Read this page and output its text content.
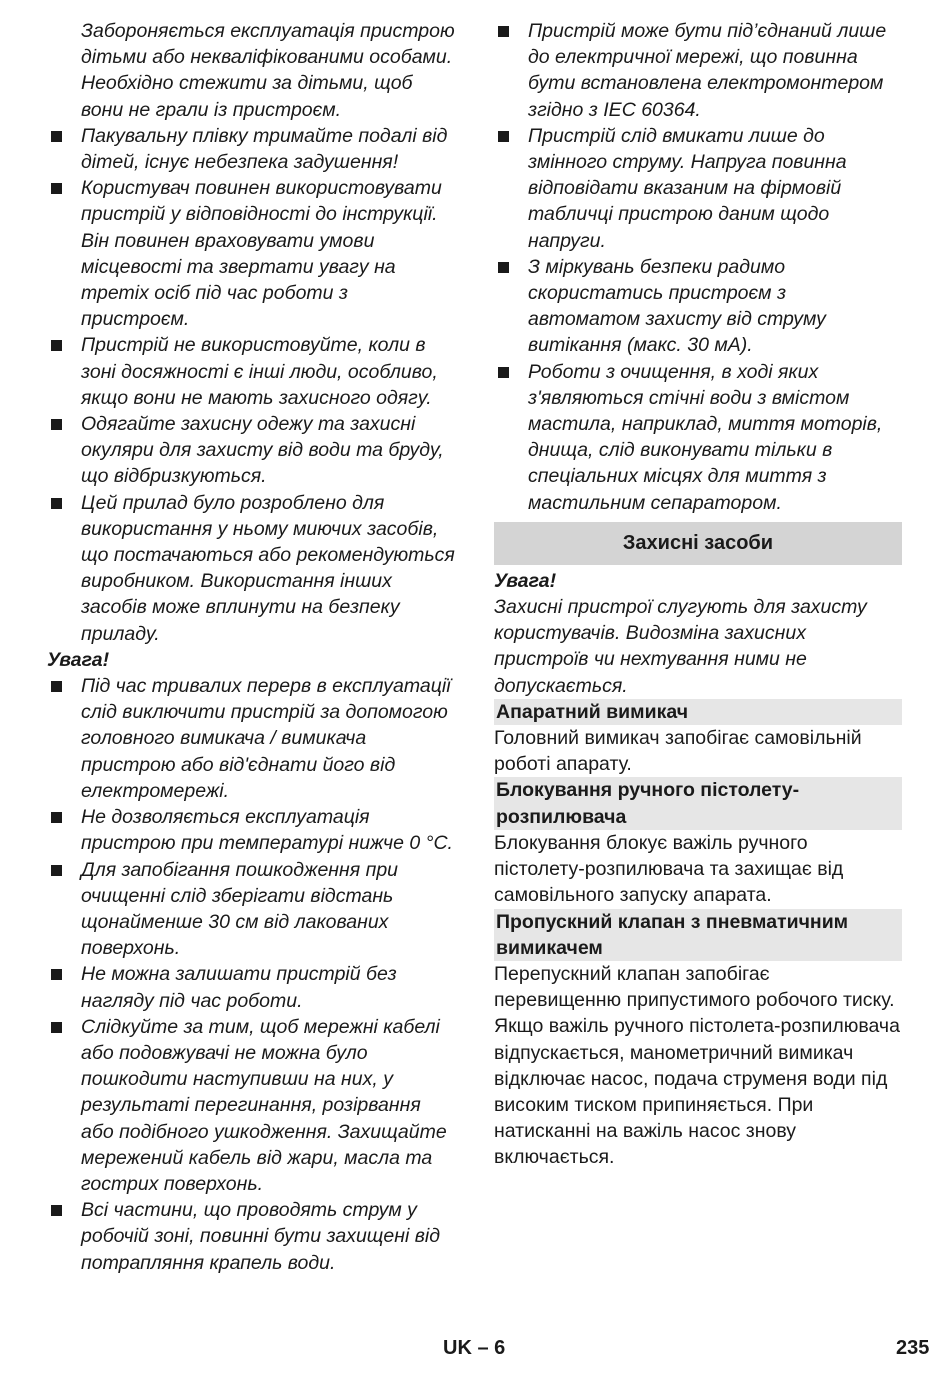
Забороняється експлуатація пристрою дітьми або некваліфікованими особами. Необхідно стежити за дітьми, щоб вони не грали із пристроєм.
Пакувальну плівку тримайте подалі від дітей, існує небезпека задушення!
Користувач повинен використовувати пристрій у відповідності до інструкції. Він повинен враховувати умови місцевості та звертати увагу на третіх осіб під час роботи з пристроєм.
Пристрій не використовуйте, коли в зоні досяжності є інші люди, особливо, якщо вони не мають захисного одягу.
Одягайте захисну одежу та захисні окуляри для захисту від води та бруду, що відбризкуються.
Цей прилад було розроблено для використання у ньому миючих засобів, що постачаються або рекомендуються виробником. Використання інших засобів може вплинути на безпеку приладу.
Увага!
Під час тривалих перерв в експлуатації слід виключити пристрій за допомогою головного вимикача / вимикача пристрою або від'єднати його від електромережі.
Не дозволяється експлуатація пристрою при температурі нижче 0 °C.
Для запобігання пошкодження при очищенні слід зберігати відстань щонайменше 30 см від лакованих поверхонь.
Не можна залишати пристрій без нагляду під час роботи.
Слідкуйте за тим, щоб мережні кабелі або подовжувачі не можна було пошкодити наступивши на них, у результаті перегинання, розірвання або подібного ушкодження. Захищайте мережений кабель від жари, масла та гострих поверхонь.
Всі частини, що проводять струм у робочій зоні, повинні бути захищені від потрапляння крапель води.
Пристрій може бути під’єднаний лише до електричної мережі, що повинна бути встановлена електромонтером згідно з IEC 60364.
Пристрій слід вмикати лише до змінного струму. Напруга повинна відповідати вказаним на фірмовій табличці пристрою даним щодо напруги.
З міркувань безпеки радимо скористатись пристроєм з автоматом захисту від струму витікання (макс. 30 мА).
Роботи з очищення, в ході яких з'являються стічні води з вмістом мастила, наприклад, миття моторів, днища, слід виконувати тільки в спеціальних місцях для миття з мастильним сепаратором.
Захисні засоби
Увага!
Захисні пристрої слугують для захисту користувачів. Видозміна захисних пристроїв чи нехтування ними не допускається.
Апаратний вимикач
Головний вимикач запобігає самовільній роботі апарату.
Блокування ручного пістолету-розпилювача
Блокування блокує важіль ручного пістолету-розпилювача та захищає від самовільного запуску апарата.
Пропускний клапан з пневматичним вимикачем
Перепускний клапан запобігає перевищенню припустимого робочого тиску.
Якщо важіль ручного пістолета-розпилювача відпускається, манометричний вимикач відключає насос, подача струменя води під високим тиском припиняється. При натисканні на важіль насос знову включається.
UK – 6	235
